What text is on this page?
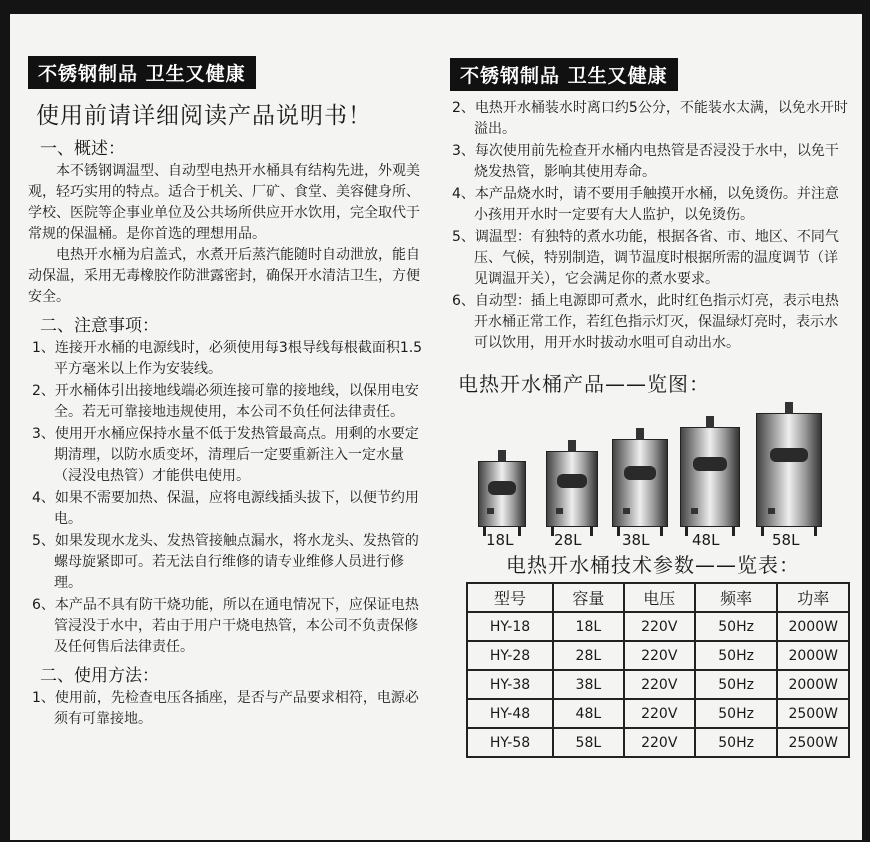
不锈钢制品 卫生又健康
使用前请详细阅读产品说明书！
一、概述：

本不锈钢调温型、自动型电热开水桶具有结构先进，外观美观，轻巧实用的特点。适合于机关、厂矿、食堂、美容健身所、学校、医院等企事业单位及公共场所供应开水饮用，完全取代于常规的保温桶。是你首选的理想用品。

电热开水桶为启盖式，水煮开后蒸汽能随时自动泄放，能自动保温，采用无毒橡胶作防泄露密封，确保开水清洁卫生，方便安全。

二、注意事项：
1、连接开水桶的电源线时，必须使用每3根导线每根截面积1.5平方毫米以上作为安装线。
2、开水桶体引出接地线端必须连接可靠的接地线，以保用电安全。若无可靠接地违规使用，本公司不负任何法律责任。
3、使用开水桶应保持水量不低于发热管最高点。用剩的水要定期清理，以防水质变坏，清理后一定要重新注入一定水量（浸没电热管）才能供电使用。
4、如果不需要加热、保温，应将电源线插头拔下，以便节约用电。
5、如果发现水龙头、发热管接触点漏水，将水龙头、发热管的螺母旋紧即可。若无法自行维修的请专业维修人员进行修理。
6、本产品不具有防干烧功能，所以在通电情况下，应保证电热管浸没于水中，若由于用户干烧电热管，本公司不负责保修及任何售后法律责任。
二、使用方法：
1、使用前，先检查电压各插座，是否与产品要求相符，电源必须有可靠接地。
不锈钢制品 卫生又健康
2、电热开水桶装水时离口约5公分，不能装水太满，以免水开时溢出。
3、每次使用前先检查开水桶内电热管是否浸没于水中，以免干烧发热管，影响其使用寿命。
4、本产品烧水时，请不要用手触摸开水桶，以免烫伤。并注意小孩用开水时一定要有大人监护，以免烫伤。
5、调温型：有独特的煮水功能，根据各省、市、地区、不同气压、气候，特别制造，调节温度时根据所需的温度调节（详见调温开关），它会满足你的煮水要求。
6、自动型：插上电源即可煮水，此时红色指示灯亮，表示电热开水桶正常工作，若红色指示灯灭，保温绿灯亮时，表示水可以饮用，用开水时拔动水咀可自动出水。
电热开水桶产品——览图：
18L	28L	38L	48L	58L
电热开水桶技术参数——览表：
型号	容量	电压	频率	功率
HY-18	18L	220V	50Hz	2000W
HY-28	28L	220V	50Hz	2000W
HY-38	38L	220V	50Hz	2000W
HY-48	48L	220V	50Hz	2500W
HY-58	58L	220V	50Hz	2500W
